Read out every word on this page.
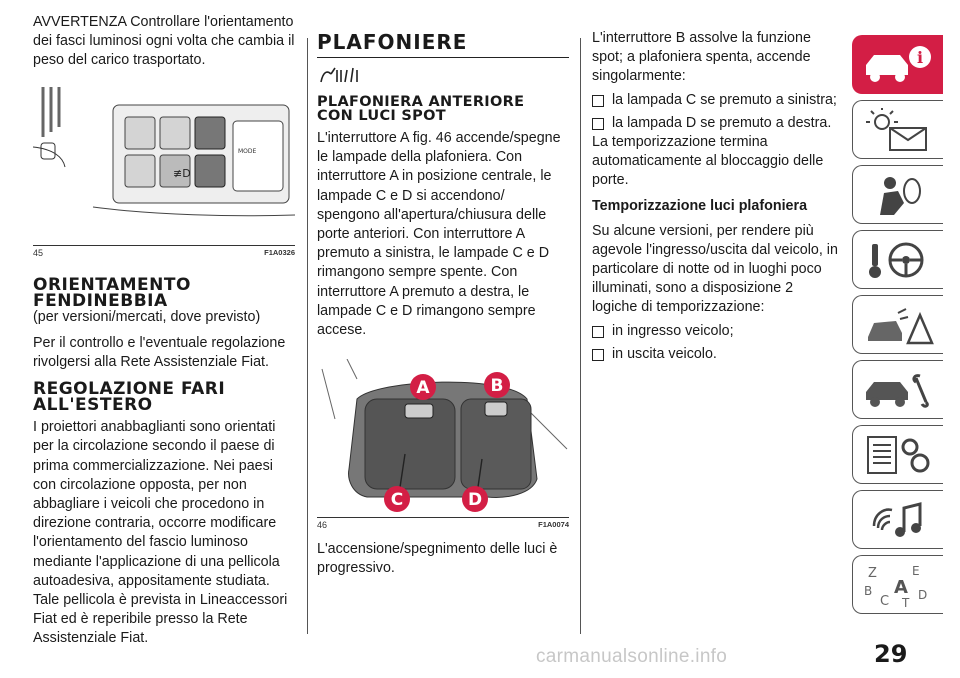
AVVERTENZA Controllare l'orientamento dei fasci luminosi ogni volta che cambia il peso del carico trasportato.

≢D
MODE
45	F1A0326
ORIENTAMENTO
FENDINEBBIA

(per versioni/mercati, dove previsto)

Per il controllo e l'eventuale regolazione rivolgersi alla Rete Assistenziale Fiat.

REGOLAZIONE FARI
ALL'ESTERO

I proiettori anabbaglianti sono orientati per la circolazione secondo il paese di prima commercializzazione. Nei paesi con circolazione opposta, per non abbagliare i veicoli che procedono in direzione contraria, occorre modificare l'orientamento del fascio luminoso mediante l'applicazione di una pellicola autoadesiva, appositamente studiata. Tale pellicola è prevista in Lineaccessori Fiat ed è reperibile presso la Rete Assistenziale Fiat.

PLAFONIERE
PLAFONIERA ANTERIORE
CON LUCI SPOT

L'interruttore A fig. 46 accende/spegne le lampade della plafoniera. Con interruttore A in posizione centrale, le lampade C e D si accendono/ spengono all'apertura/chiusura delle porte anteriori. Con interruttore A premuto a sinistra, le lampade C e D rimangono sempre spente. Con interruttore A premuto a destra, le lampade C e D rimangono sempre accese.

A	B
C	D
46	F1A0074

L'accensione/spegnimento delle luci è progressivo.

L'interruttore B assolve la funzione spot; a plafoniera spenta, accende singolarmente:

la lampada C se premuto a sinistra;

la lampada D se premuto a destra.

La temporizzazione termina automaticamente al bloccaggio delle porte.

Temporizzazione luci plafoniera

Su alcune versioni, per rendere più agevole l'ingresso/uscita dal veicolo, in particolare di notte od in luoghi poco illuminati, sono a disposizione 2 logiche di temporizzazione:

in ingresso veicolo;

in uscita veicolo.

i
Z	E
B A D
C T
29
carmanualsonline.info
